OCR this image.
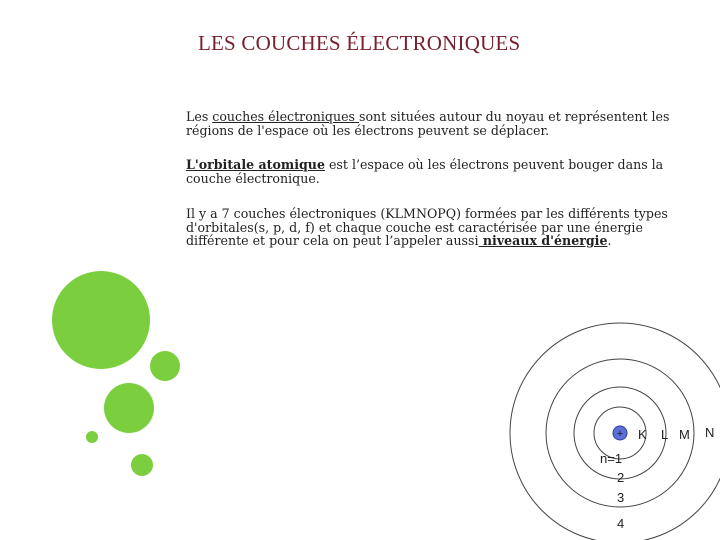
LES COUCHES ÉLECTRONIQUES
Les couches électroniques sont situées autour du noyau et représentent les régions de l'espace où les électrons peuvent se déplacer.
L'orbitale atomique est l’espace où les électrons peuvent bouger dans la couche électronique.
Il y a 7 couches électroniques (KLMNOPQ) formées par les différents types d'orbitales(s, p, d, f) et chaque couche est caractérisée par une énergie différente et pour cela on peut l’appeler aussi niveaux d'énergie.
+ K L M N
n=1
2
3
4
